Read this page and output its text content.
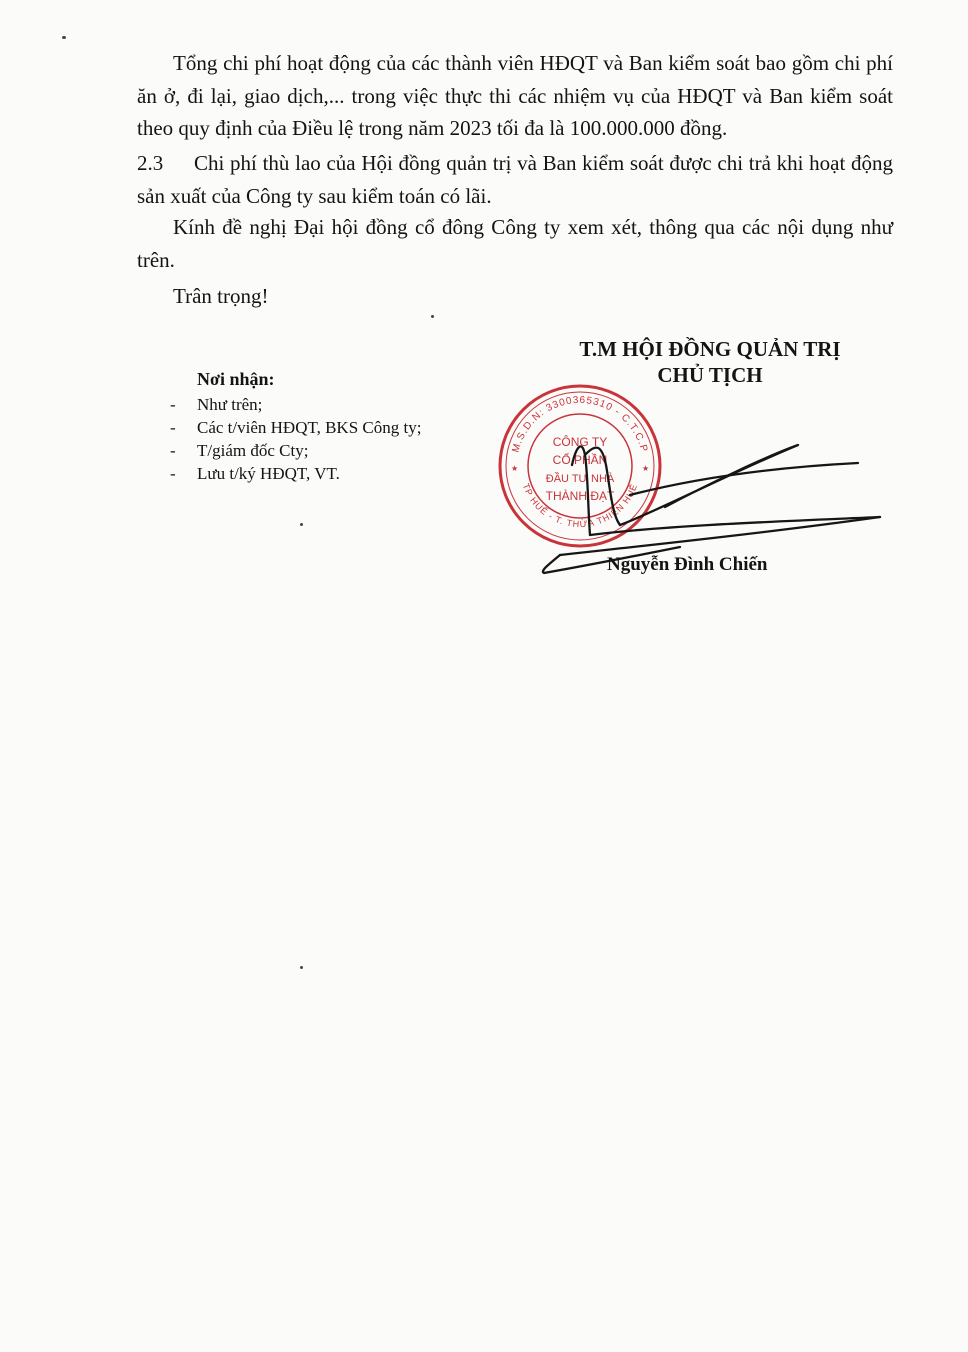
Tổng chi phí hoạt động của các thành viên HĐQT và Ban kiểm soát bao gồm chi phí ăn ở, đi lại, giao dịch,... trong việc thực thi các nhiệm vụ của HĐQT và Ban kiểm soát theo quy định của Điều lệ trong năm 2023 tối đa là 100.000.000 đồng.

2.3 Chi phí thù lao của Hội đồng quản trị và Ban kiểm soát được chi trả khi hoạt động sản xuất của Công ty sau kiểm toán có lãi.

Kính đề nghị Đại hội đồng cổ đông Công ty xem xét, thông qua các nội dụng như trên.

Trân trọng!

Nơi nhận:
- Như trên;
- Các t/viên HĐQT, BKS Công ty;
- T/giám đốc Cty;
- Lưu t/ký HĐQT, VT.
T.M HỘI ĐỒNG QUẢN TRỊ
CHỦ TỊCH
M.S.D.N: 3300365310 - C.T.C.P
TP HUẾ - T. THỪA THIÊN HUẾ
CÔNG TY
CỔ PHẦN
ĐẦU TƯ NHÀ
THÀNH ĐẠT
★	★
Nguyễn Đình Chiến
